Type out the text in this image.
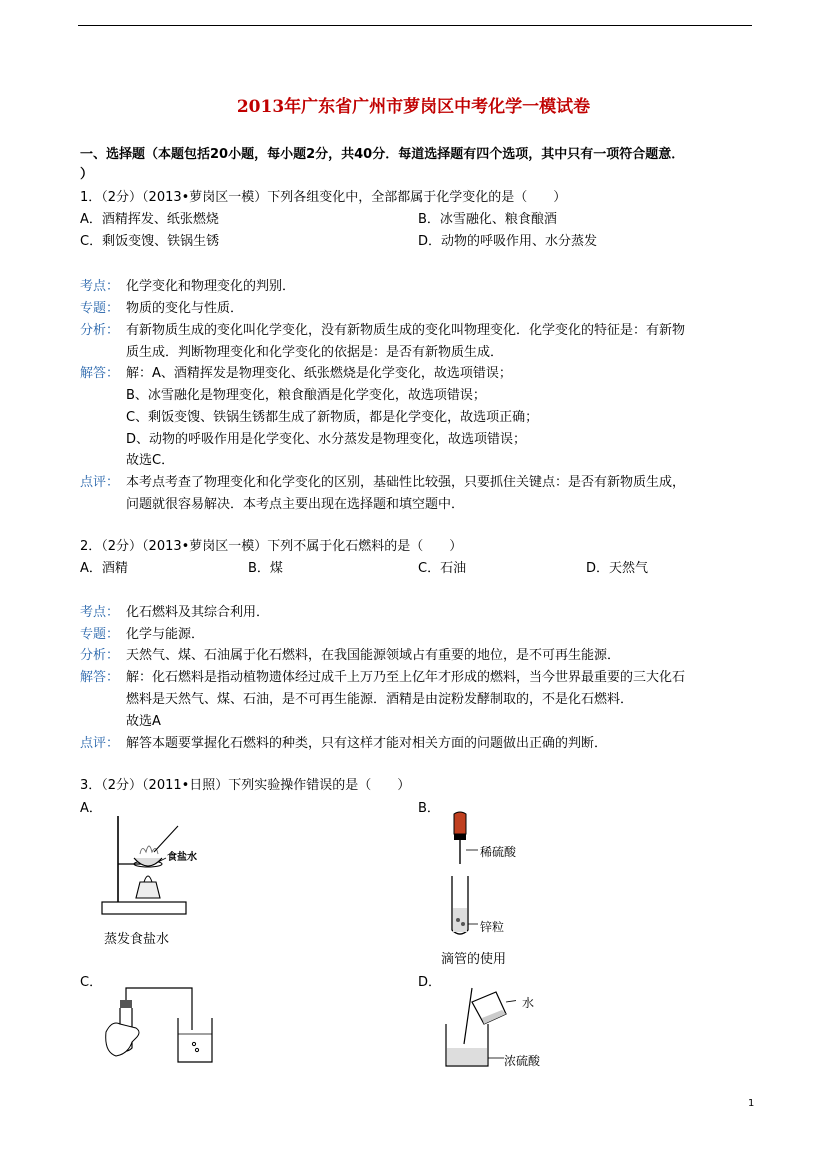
2013年广东省广州市萝岗区中考化学一模试卷
一、选择题（本题包括20小题，每小题2分，共40分．每道选择题有四个选项，其中只有一项符合题意．
）
1．（2分）（2013•萝岗区一模）下列各组变化中，全部都属于化学变化的是（　　）
A．酒精挥发、纸张燃烧	B．冰雪融化、粮食酿酒
C．剩饭变馊、铁锅生锈	D．动物的呼吸作用、水分蒸发
考点： 化学变化和物理变化的判别．
专题： 物质的变化与性质．
分析： 有新物质生成的变化叫化学变化，没有新物质生成的变化叫物理变化．化学变化的特征是：有新物
质生成．判断物理变化和化学变化的依据是：是否有新物质生成．
解答： 解：A、酒精挥发是物理变化、纸张燃烧是化学变化，故选项错误；
B、冰雪融化是物理变化，粮食酿酒是化学变化，故选项错误；
C、剩饭变馊、铁锅生锈都生成了新物质，都是化学变化，故选项正确；
D、动物的呼吸作用是化学变化、水分蒸发是物理变化，故选项错误；
故选C．
点评： 本考点考查了物理变化和化学变化的区别，基础性比较强，只要抓住关键点：是否有新物质生成，
问题就很容易解决．本考点主要出现在选择题和填空题中．
2．（2分）（2013•萝岗区一模）下列不属于化石燃料的是（　　）
A．酒精	B．煤	C．石油	D．天然气
考点： 化石燃料及其综合利用．
专题： 化学与能源．
分析： 天然气、煤、石油属于化石燃料，在我国能源领域占有重要的地位，是不可再生能源．
解答： 解：化石燃料是指动植物遗体经过成千上万乃至上亿年才形成的燃料，当今世界最重要的三大化石
燃料是天然气、煤、石油，是不可再生能源．酒精是由淀粉发酵制取的，不是化石燃料．
故选A
点评： 解答本题要掌握化石燃料的种类，只有这样才能对相关方面的问题做出正确的判断．
3．（2分）（2011•日照）下列实验操作错误的是（　　）
A．
食盐水
蒸发食盐水
B．
稀硫酸
锌粒
滴管的使用
C．	D．
水
浓硫酸
1
